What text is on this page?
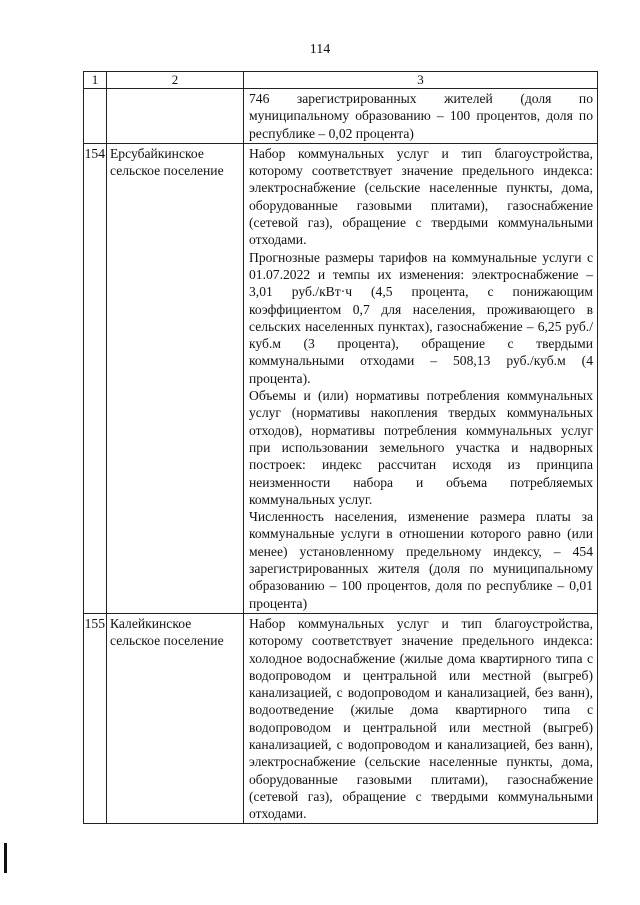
114
1	2	3

		746 зарегистрированных жителей (доля по муниципальному образованию – 100 процентов, доля по республике – 0,02 процента)

154	Ерсубайкинское сельское поселение	Набор коммунальных услуг и тип благоустройства, которому соответствует значение предельного индекса: электроснабжение (сельские населенные пункты, дома, оборудованные газовыми плитами), газоснабжение (сетевой газ), обращение с твердыми коммунальными отходами.

Прогнозные размеры тарифов на коммунальные услуги с 01.07.2022 и темпы их изменения: электроснабжение – 3,01 руб./кВт·ч (4,5 процента, с понижающим коэффициентом 0,7 для населения, проживающего в сельских населенных пунктах), газоснабжение – 6,25 руб./куб.м (3 процента), обращение с твердыми коммунальными отходами – 508,13 руб./куб.м (4 процента).

Объемы и (или) нормативы потребления коммунальных услуг (нормативы накопления твердых коммунальных отходов), нормативы потребления коммунальных услуг при использовании земельного участка и надворных построек: индекс рассчитан исходя из принципа неизменности набора и объема потребляемых коммунальных услуг.

Численность населения, изменение размера платы за коммунальные услуги в отношении которого равно (или менее) установленному предельному индексу, – 454 зарегистрированных жителя (доля по муниципальному образованию – 100 процентов, доля по республике – 0,01 процента)

155	Калейкинское сельское поселение	Набор коммунальных услуг и тип благоустройства, которому соответствует значение предельного индекса: холодное водоснабжение (жилые дома квартирного типа с водопроводом и центральной или местной (выгреб) канализацией, с водопроводом и канализацией, без ванн), водоотведение (жилые дома квартирного типа с водопроводом и центральной или местной (выгреб) канализацией, с водопроводом и канализацией, без ванн), электроснабжение (сельские населенные пункты, дома, оборудованные газовыми плитами), газоснабжение (сетевой газ), обращение с твердыми коммунальными отходами.
